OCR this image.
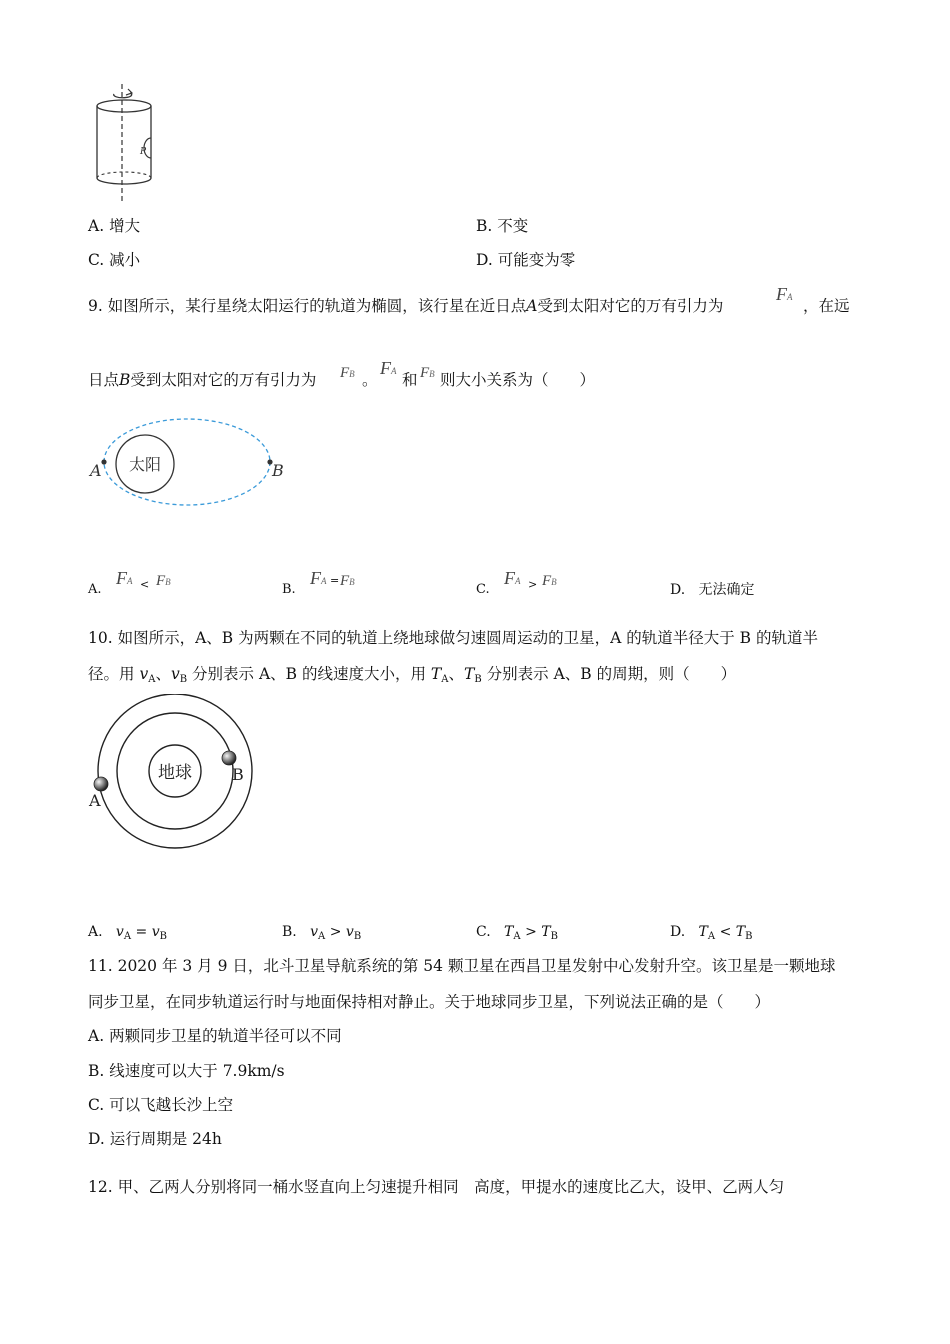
P
A. 增大	B. 不变
C. 减小	D. 可能变为零
9. 如图所示，某行星绕太阳运行的轨道为椭圆，该行星在近日点A受到太阳对它的万有引力为
FA ，在远
日点B受到太阳对它的万有引力为 FB 。
FA 和 FB 则大小关系为（　　）
太阳
A	B
A.
FA < FB	B.
FA = FB	C.
FA > FB	D. 无法确定
10. 如图所示，A、B 为两颗在不同的轨道上绕地球做匀速圆周运动的卫星，A 的轨道半径大于 B 的轨道半
径。用 $v_A$、$v_B$ 分别表示 A、B 的线速度大小，用 $T_A$、$T_B$ 分别表示 A、B 的周期，则（　　）
地球
A
B
A. $v_A = v_B$	B. $v_A > v_B$	C. $T_A > T_B$	D. $T_A < T_B$
11. 2020 年 3 月 9 日，北斗卫星导航系统的第 54 颗卫星在西昌卫星发射中心发射升空。该卫星是一颗地球
同步卫星，在同步轨道运行时与地面保持相对静止。关于地球同步卫星，下列说法正确的是（　　）
A. 两颗同步卫星的轨道半径可以不同
B. 线速度可以大于 7.9km/s
C. 可以飞越长沙上空
D. 运行周期是 24h
12. 甲、乙两人分别将同一桶水竖直向上匀速提升相同　高度，甲提水的速度比乙大，设甲、乙两人匀
